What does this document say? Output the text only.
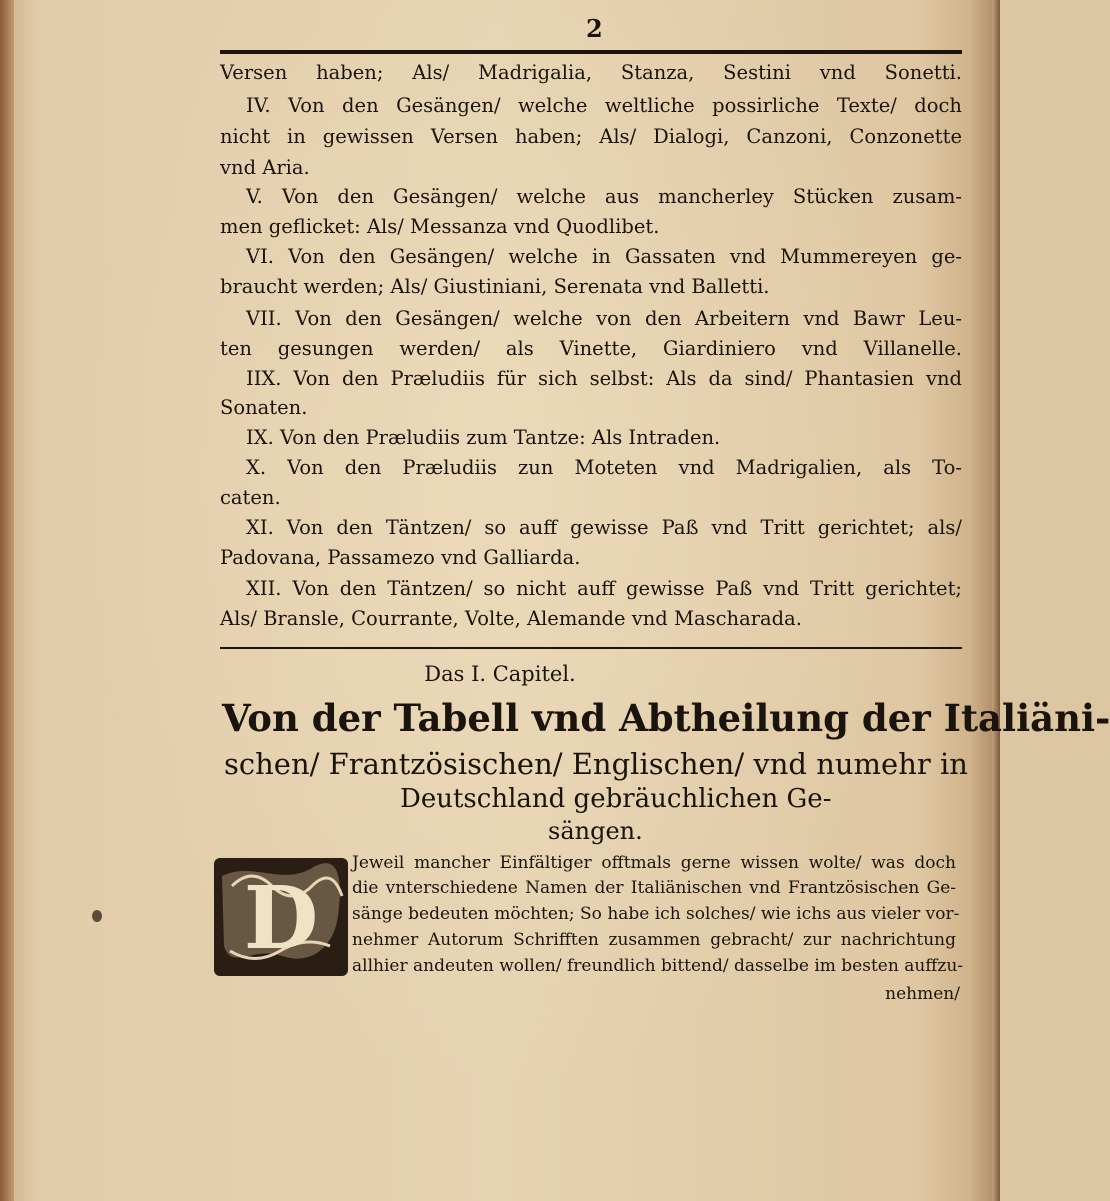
2
Versen haben; Als/ Madrigalia, Stanza, Sestini vnd Sonetti.
IV. Von den Gesängen/ welche weltliche possirliche Texte/ doch
nicht in gewissen Versen haben; Als/ Dialogi, Canzoni, Conzonette
vnd Aria.
V. Von den Gesängen/ welche aus mancherley Stücken zusam-
men geflicket: Als/ Messanza vnd Quodlibet.
VI. Von den Gesängen/ welche in Gassaten vnd Mummereyen ge-
braucht werden; Als/ Giustiniani, Serenata vnd Balletti.
VII. Von den Gesängen/ welche von den Arbeitern vnd Bawr Leu-
ten gesungen werden/ als Vinette, Giardiniero vnd Villanelle.
IIX. Von den Præludiis für sich selbst: Als da sind/ Phantasien vnd
Sonaten.
IX. Von den Præludiis zum Tantze: Als Intraden.
X. Von den Præludiis zun Moteten vnd Madrigalien, als To-
caten.
XI. Von den Täntzen/ so auff gewisse Paß vnd Tritt gerichtet; als/
Padovana, Passamezo vnd Galliarda.
XII. Von den Täntzen/ so nicht auff gewisse Paß vnd Tritt gerichtet;
Als/ Bransle, Courrante, Volte, Alemande vnd Mascharada.
Das I. Capitel.
Von der Tabell vnd Abtheilung der Italiäni-
schen/ Frantzösischen/ Englischen/ vnd numehr in
Deutschland gebräuchlichen Ge-
sängen.
D
Jeweil mancher Einfältiger offtmals gerne wissen wolte/ was doch
die vnterschiedene Namen der Italiänischen vnd Frantzösischen Ge-
sänge bedeuten möchten; So habe ich solches/ wie ichs aus vieler vor-
nehmer Autorum Schrifften zusammen gebracht/ zur nachrichtung
allhier andeuten wollen/ freundlich bittend/ dasselbe im besten auffzu-
nehmen/
